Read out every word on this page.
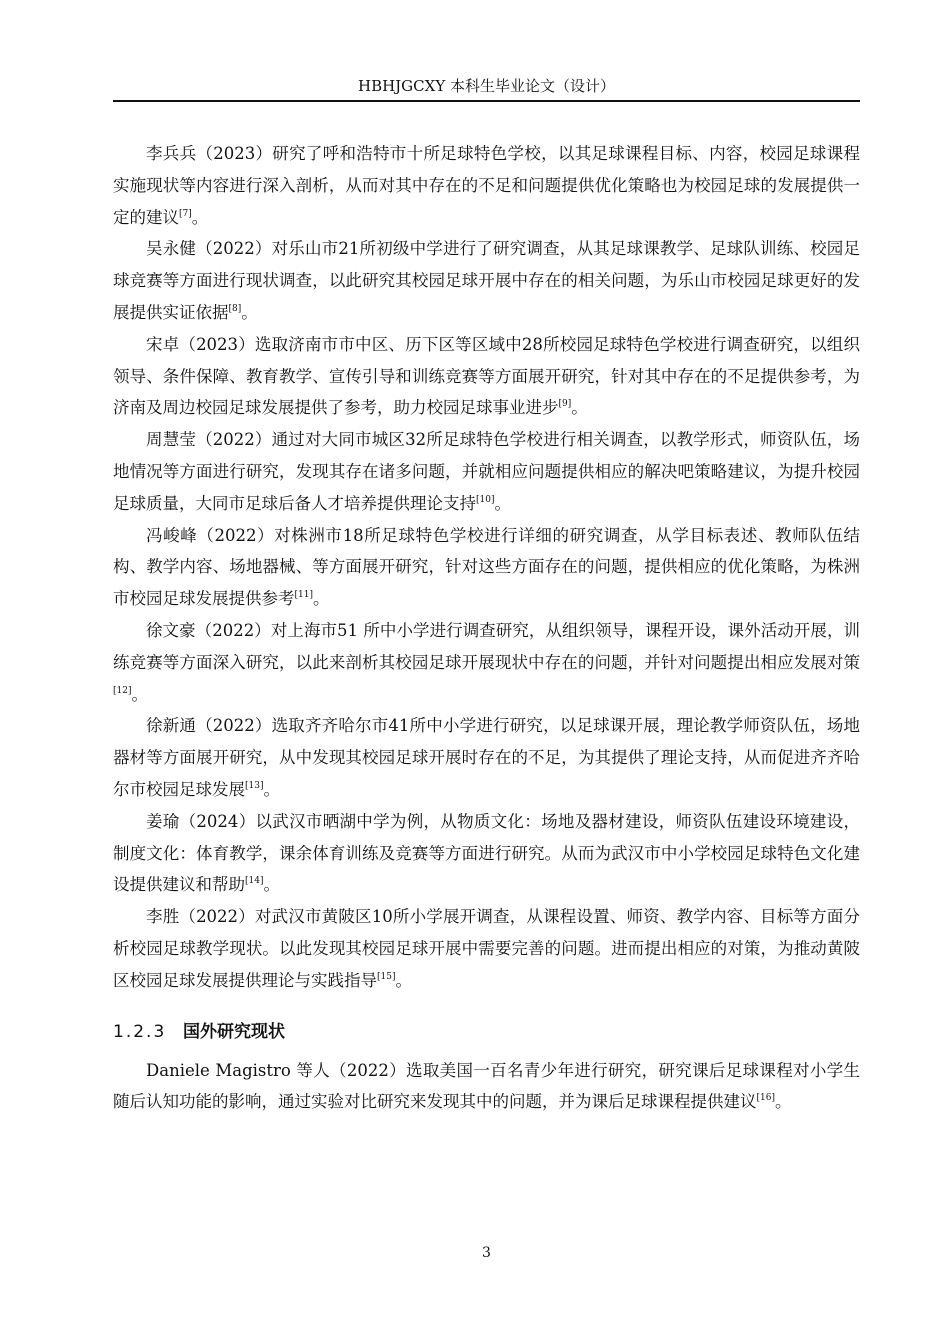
HBHJGCXY 本科生毕业论文（设计）

李兵兵（2023）研究了呼和浩特市十所足球特色学校，以其足球课程目标、内容，校园足球课程实施现状等内容进行深入剖析，从而对其中存在的不足和问题提供优化策略也为校园足球的发展提供一定的建议[7]。

吴永健（2022）对乐山市21所初级中学进行了研究调查，从其足球课教学、足球队训练、校园足球竞赛等方面进行现状调查，以此研究其校园足球开展中存在的相关问题，为乐山市校园足球更好的发展提供实证依据[8]。

宋卓（2023）选取济南市市中区、历下区等区域中28所校园足球特色学校进行调查研究，以组织领导、条件保障、教育教学、宣传引导和训练竞赛等方面展开研究，针对其中存在的不足提供参考，为济南及周边校园足球发展提供了参考，助力校园足球事业进步[9]。

周慧莹（2022）通过对大同市城区32所足球特色学校进行相关调查，以教学形式，师资队伍，场地情况等方面进行研究，发现其存在诸多问题，并就相应问题提供相应的解决吧策略建议，为提升校园足球质量，大同市足球后备人才培养提供理论支持[10]。

冯峻峰（2022）对株洲市18所足球特色学校进行详细的研究调查，从学目标表述、教师队伍结构、教学内容、场地器械、等方面展开研究，针对这些方面存在的问题，提供相应的优化策略，为株洲市校园足球发展提供参考[11]。

徐文豪（2022）对上海市51 所中小学进行调查研究，从组织领导，课程开设，课外活动开展，训练竞赛等方面深入研究，以此来剖析其校园足球开展现状中存在的问题，并针对问题提出相应发展对策[12]。

徐新通（2022）选取齐齐哈尔市41所中小学进行研究，以足球课开展，理论教学师资队伍，场地器材等方面展开研究，从中发现其校园足球开展时存在的不足，为其提供了理论支持，从而促进齐齐哈尔市校园足球发展[13]。

姜瑜（2024）以武汉市晒湖中学为例，从物质文化：场地及器材建设，师资队伍建设环境建设，制度文化：体育教学，课余体育训练及竞赛等方面进行研究。从而为武汉市中小学校园足球特色文化建设提供建议和帮助[14]。

李胜（2022）对武汉市黄陂区10所小学展开调查，从课程设置、师资、教学内容、目标等方面分析校园足球教学现状。以此发现其校园足球开展中需要完善的问题。进而提出相应的对策，为推动黄陂区校园足球发展提供理论与实践指导[15]。

1.2.3 国外研究现状

Daniele Magistro 等人（2022）选取美国一百名青少年进行研究，研究课后足球课程对小学生随后认知功能的影响，通过实验对比研究来发现其中的问题，并为课后足球课程提供建议[16]。

3
